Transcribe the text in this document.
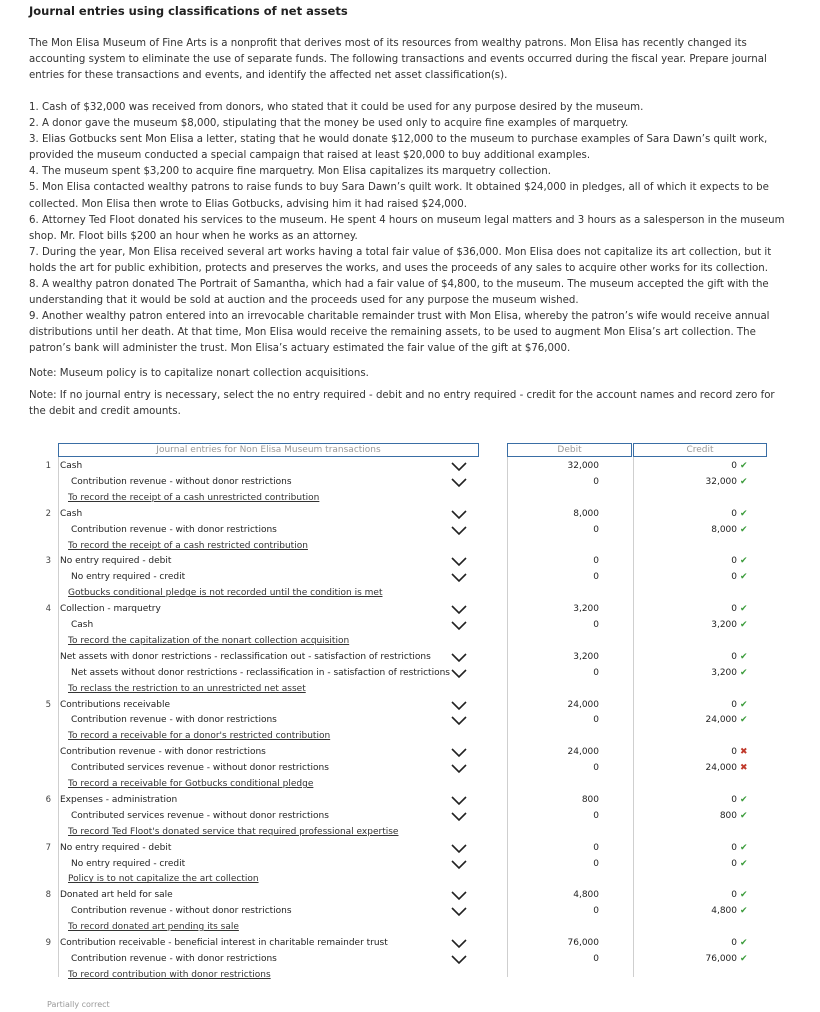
Journal entries using classifications of net assets
The Mon Elisa Museum of Fine Arts is a nonprofit that derives most of its resources from wealthy patrons. Mon Elisa has recently changed its accounting system to eliminate the use of separate funds. The following transactions and events occurred during the fiscal year. Prepare journal entries for these transactions and events, and identify the affected net asset classification(s).

1. Cash of $32,000 was received from donors, who stated that it could be used for any purpose desired by the museum.

2. A donor gave the museum $8,000, stipulating that the money be used only to acquire fine examples of marquetry.

3. Elias Gotbucks sent Mon Elisa a letter, stating that he would donate $12,000 to the museum to purchase examples of Sara Dawn’s quilt work, provided the museum conducted a special campaign that raised at least $20,000 to buy additional examples.

4. The museum spent $3,200 to acquire fine marquetry. Mon Elisa capitalizes its marquetry collection.

5. Mon Elisa contacted wealthy patrons to raise funds to buy Sara Dawn’s quilt work. It obtained $24,000 in pledges, all of which it expects to be collected. Mon Elisa then wrote to Elias Gotbucks, advising him it had raised $24,000.

6. Attorney Ted Floot donated his services to the museum. He spent 4 hours on museum legal matters and 3 hours as a salesperson in the museum shop. Mr. Floot bills $200 an hour when he works as an attorney.

7. During the year, Mon Elisa received several art works having a total fair value of $36,000. Mon Elisa does not capitalize its art collection, but it holds the art for public exhibition, protects and preserves the works, and uses the proceeds of any sales to acquire other works for its collection.

8. A wealthy patron donated The Portrait of Samantha, which had a fair value of $4,800, to the museum. The museum accepted the gift with the understanding that it would be sold at auction and the proceeds used for any purpose the museum wished.

9. Another wealthy patron entered into an irrevocable charitable remainder trust with Mon Elisa, whereby the patron’s wife would receive annual distributions until her death. At that time, Mon Elisa would receive the remaining assets, to be used to augment Mon Elisa’s art collection. The patron’s bank will administer the trust. Mon Elisa’s actuary estimated the fair value of the gift at $76,000.

Note: Museum policy is to capitalize nonart collection acquisitions.
Note: If no journal entry is necessary, select the no entry required - debit and no entry required - credit for the account names and record zero for the debit and credit amounts.
Journal entries for Non Elisa Museum transactions	Debit	Credit
1 Cash	32,000	0 ✔
Contribution revenue - without donor restrictions	0	32,000 ✔
To record the receipt of a cash unrestricted contribution
2 Cash	8,000	0 ✔
Contribution revenue - with donor restrictions	0	8,000 ✔
To record the receipt of a cash restricted contribution
3 No entry required - debit	0	0 ✔
No entry required - credit	0	0 ✔
Gotbucks conditional pledge is not recorded until the condition is met
4 Collection - marquetry	3,200	0 ✔
Cash	0	3,200 ✔
To record the capitalization of the nonart collection acquisition
Net assets with donor restrictions - reclassification out - satisfaction of restrictions	3,200	0 ✔
Net assets without donor restrictions - reclassification in - satisfaction of restrictions	0	3,200 ✔
To reclass the restriction to an unrestricted net asset
5 Contributions receivable	24,000	0 ✔
Contribution revenue - with donor restrictions	0	24,000 ✔
To record a receivable for a donor's restricted contribution
Contribution revenue - with donor restrictions	24,000	0 ✖
Contributed services revenue - without donor restrictions	0	24,000 ✖
To record a receivable for Gotbucks conditional pledge
6 Expenses - administration	800	0 ✔
Contributed services revenue - without donor restrictions	0	800 ✔
To record Ted Floot's donated service that required professional expertise
7 No entry required - debit	0	0 ✔
No entry required - credit	0	0 ✔
Policy is to not capitalize the art collection
8 Donated art held for sale	4,800	0 ✔
Contribution revenue - without donor restrictions	0	4,800 ✔
To record donated art pending its sale
9 Contribution receivable - beneficial interest in charitable remainder trust	76,000	0 ✔
Contribution revenue - with donor restrictions	0	76,000 ✔
To record contribution with donor restrictions
Partially correct
